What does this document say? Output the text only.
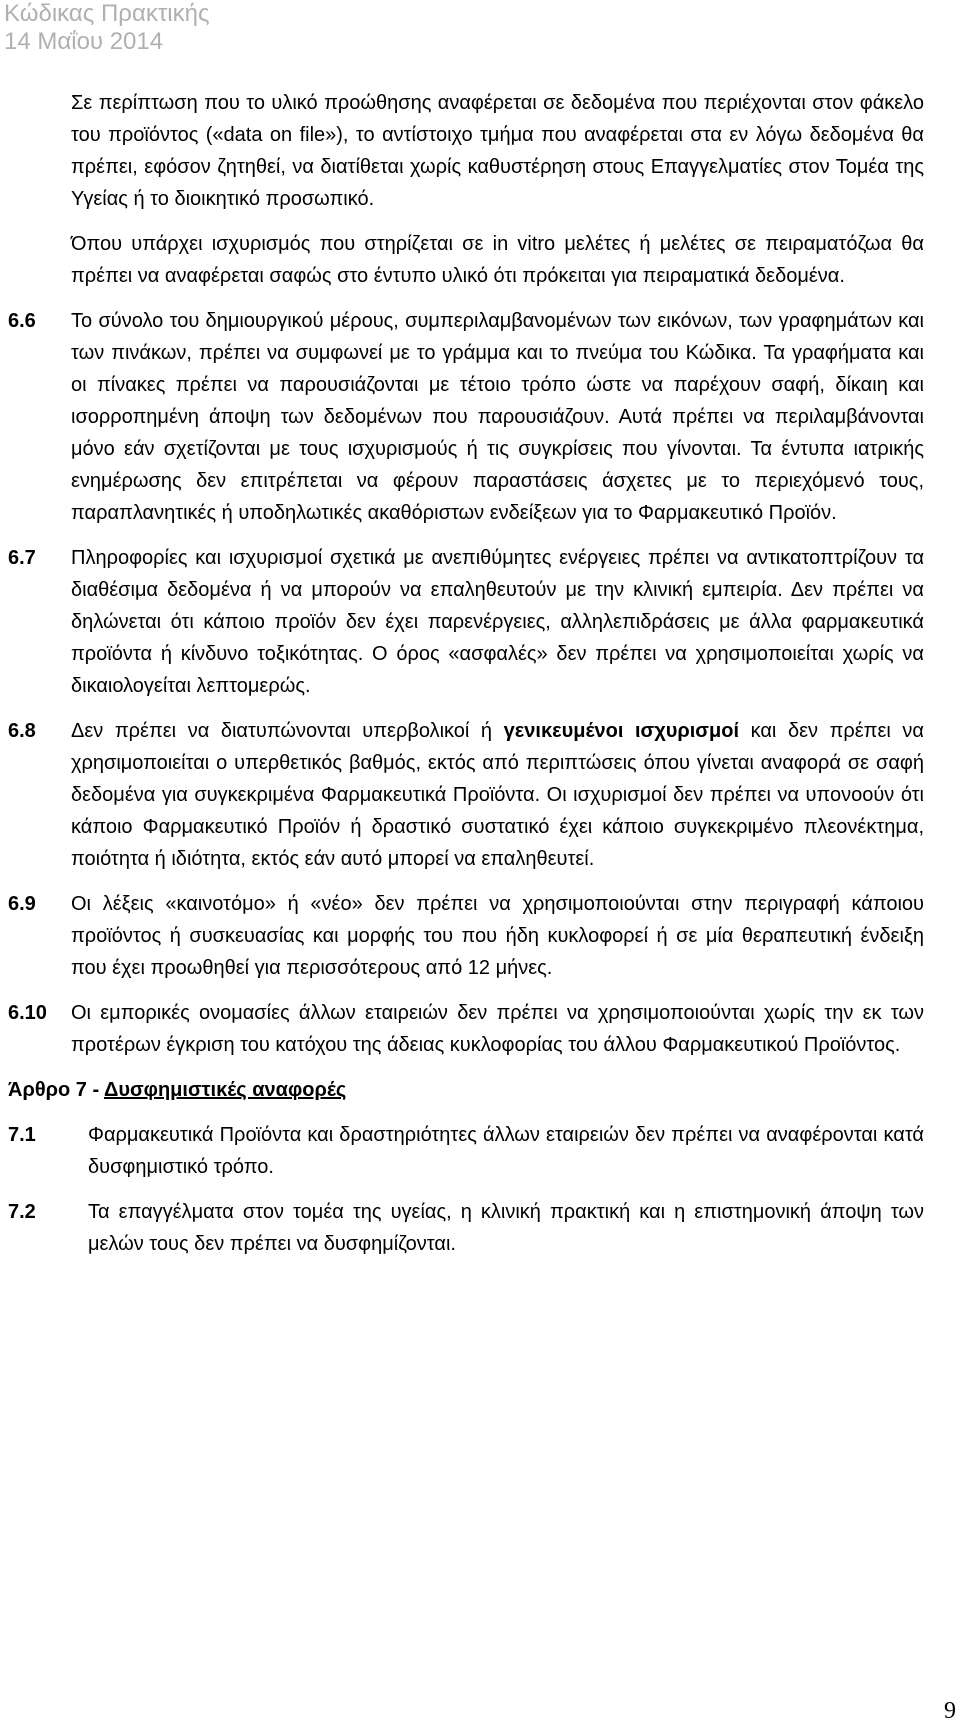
Κώδικας Πρακτικής
14 Μαΐου 2014

Σε περίπτωση που το υλικό προώθησης αναφέρεται σε δεδομένα που περιέχονται στον φάκελο του προϊόντος («data on file»), το αντίστοιχο τμήμα που αναφέρεται στα εν λόγω δεδομένα θα πρέπει, εφόσον ζητηθεί, να διατίθεται χωρίς καθυστέρηση στους Επαγγελματίες στον Τομέα της Υγείας ή το διοικητικό προσωπικό.

Όπου υπάρχει ισχυρισμός που στηρίζεται σε in vitro μελέτες ή μελέτες σε πειραματόζωα θα πρέπει να αναφέρεται σαφώς στο έντυπο υλικό ότι πρόκειται για πειραματικά δεδομένα.

6.6 Το σύνολο του δημιουργικού μέρους, συμπεριλαμβανομένων των εικόνων, των γραφημάτων και των πινάκων, πρέπει να συμφωνεί με το γράμμα και το πνεύμα του Κώδικα. Τα γραφήματα και οι πίνακες πρέπει να παρουσιάζονται με τέτοιο τρόπο ώστε να παρέχουν σαφή, δίκαιη και ισορροπημένη άποψη των δεδομένων που παρουσιάζουν. Αυτά πρέπει να περιλαμβάνονται μόνο εάν σχετίζονται με τους ισχυρισμούς ή τις συγκρίσεις που γίνονται. Τα έντυπα ιατρικής ενημέρωσης δεν επιτρέπεται να φέρουν παραστάσεις άσχετες με το περιεχόμενό τους, παραπλανητικές ή υποδηλωτικές ακαθόριστων ενδείξεων για το Φαρμακευτικό Προϊόν.
6.7 Πληροφορίες και ισχυρισμοί σχετικά με ανεπιθύμητες ενέργειες πρέπει να αντικατοπτρίζουν τα διαθέσιμα δεδομένα ή να μπορούν να επαληθευτούν με την κλινική εμπειρία. Δεν πρέπει να δηλώνεται ότι κάποιο προϊόν δεν έχει παρενέργειες, αλληλεπιδράσεις με άλλα φαρμακευτικά προϊόντα ή κίνδυνο τοξικότητας. Ο όρος «ασφαλές» δεν πρέπει να χρησιμοποιείται χωρίς να δικαιολογείται λεπτομερώς.
6.8 Δεν πρέπει να διατυπώνονται υπερβολικοί ή γενικευμένοι ισχυρισμοί και δεν πρέπει να χρησιμοποιείται ο υπερθετικός βαθμός, εκτός από περιπτώσεις όπου γίνεται αναφορά σε σαφή δεδομένα για συγκεκριμένα Φαρμακευτικά Προϊόντα. Οι ισχυρισμοί δεν πρέπει να υπονοούν ότι κάποιο Φαρμακευτικό Προϊόν ή δραστικό συστατικό έχει κάποιο συγκεκριμένο πλεονέκτημα, ποιότητα ή ιδιότητα, εκτός εάν αυτό μπορεί να επαληθευτεί.
6.9 Οι λέξεις «καινοτόμο» ή «νέο» δεν πρέπει να χρησιμοποιούνται στην περιγραφή κάποιου προϊόντος ή συσκευασίας και μορφής του που ήδη κυκλοφορεί ή σε μία θεραπευτική ένδειξη που έχει προωθηθεί για περισσότερους από 12 μήνες.
6.10 Οι εμπορικές ονομασίες άλλων εταιρειών δεν πρέπει να χρησιμοποιούνται χωρίς την εκ των προτέρων έγκριση του κατόχου της άδειας κυκλοφορίας του άλλου Φαρμακευτικού Προϊόντος.
Άρθρο 7 - Δυσφημιστικές αναφορές
7.1	Φαρμακευτικά Προϊόντα και δραστηριότητες άλλων εταιρειών δεν πρέπει να αναφέρονται κατά δυσφημιστικό τρόπο.
7.2	Τα επαγγέλματα στον τομέα της υγείας, η κλινική πρακτική και η επιστημονική άποψη των μελών τους δεν πρέπει να δυσφημίζονται.
9
